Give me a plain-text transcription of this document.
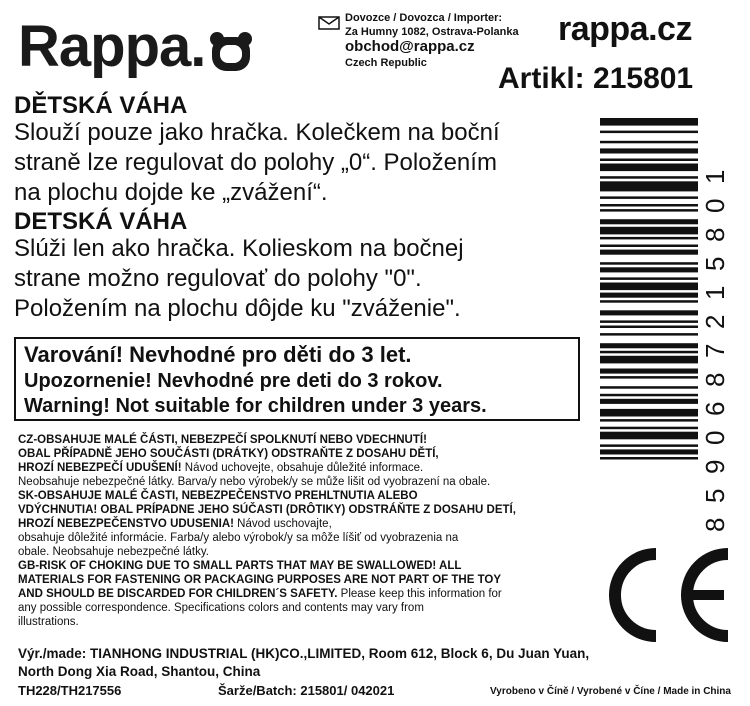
Rappa.	Dovozce / Dovozca / Importer:
Za Humny 1082, Ostrava-Polanka
obchod@rappa.cz
Czech Republic
rappa.cz
Artikl: 215801
DĚTSKÁ VÁHA
Slouží pouze jako hračka. Kolečkem na boční
straně lze regulovat do polohy „0“. Položením
na plochu dojde ke „zvážení“.
DETSKÁ VÁHA
Slúži len ako hračka. Kolieskom na bočnej
strane možno regulovať do polohy "0".
Položením na plochu dôjde ku "zváženie".
Varování! Nevhodné pro děti do 3 let.
Upozornenie! Nevhodné pre deti do 3 rokov.
Warning! Not suitable for children under 3 years.
CZ-OBSAHUJE MALÉ ČÁSTI, NEBEZPEČÍ SPOLKNUTÍ NEBO VDECHNUTÍ!
OBAL PŘÍPADNĚ JEHO SOUČÁSTI (DRÁTKY) ODSTRAŇTE Z DOSAHU DĚTÍ,
HROZÍ NEBEZPEČÍ UDUŠENÍ! Návod uchovejte, obsahuje důležité informace.
Neobsahuje nebezpečné látky. Barva/y nebo výrobek/y se může lišit od vyobrazení na obale.
SK-OBSAHUJE MALÉ ČASTI, NEBEZPEČENSTVO PREHLTNUTIA ALEBO
VDÝCHNUTIA! OBAL PRÍPADNE JEHO SÚČASTI (DRÔTIKY) ODSTRÁŇTE Z DOSAHU DETÍ,
HROZÍ NEBEZPEČENSTVO UDUSENIA! Návod uschovajte,
obsahuje dôležité informácie. Farba/y alebo výrobok/y sa môže líšiť od vyobrazenia na
obale. Neobsahuje nebezpečné látky.
GB-RISK OF CHOKING DUE TO SMALL PARTS THAT MAY BE SWALLOWED! ALL
MATERIALS FOR FASTENING OR PACKAGING PURPOSES ARE NOT PART OF THE TOY
AND SHOULD BE DISCARDED FOR CHILDREN´S SAFETY. Please keep this information for
any possible correspondence. Specifications colors and contents may vary from
illustrations.
Výr./made: TIANHONG INDUSTRIAL (HK)CO.,LIMITED, Room 612, Block 6, Du Juan Yuan,
North Dong Xia Road, Shantou, China
TH228/TH217556	Šarže/Batch: 215801/ 042021	Vyrobeno v Číně / Vyrobené v Číne / Made in China
8
5
9
0
6
8
7
2
1
5
8
0
1
